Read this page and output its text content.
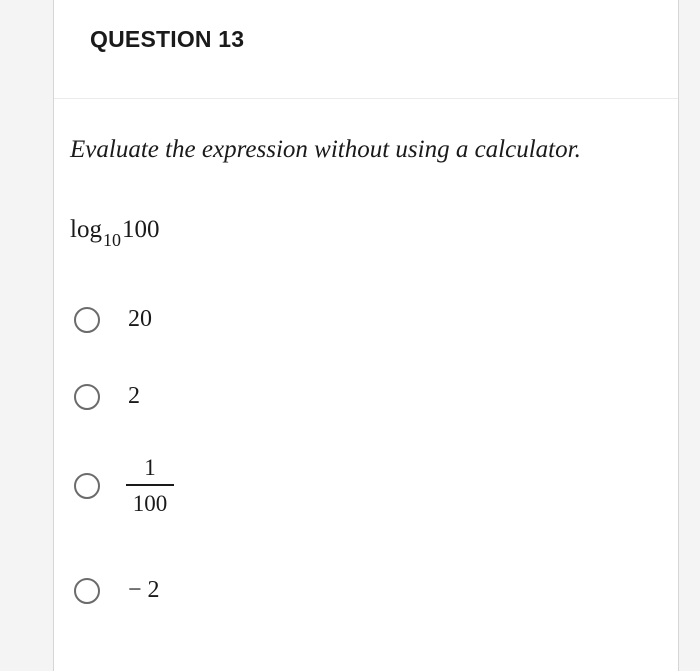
QUESTION 13
Evaluate the expression without using a calculator.
$\log_{10}100$
20
2
$\frac{1}{100}$
− 2
